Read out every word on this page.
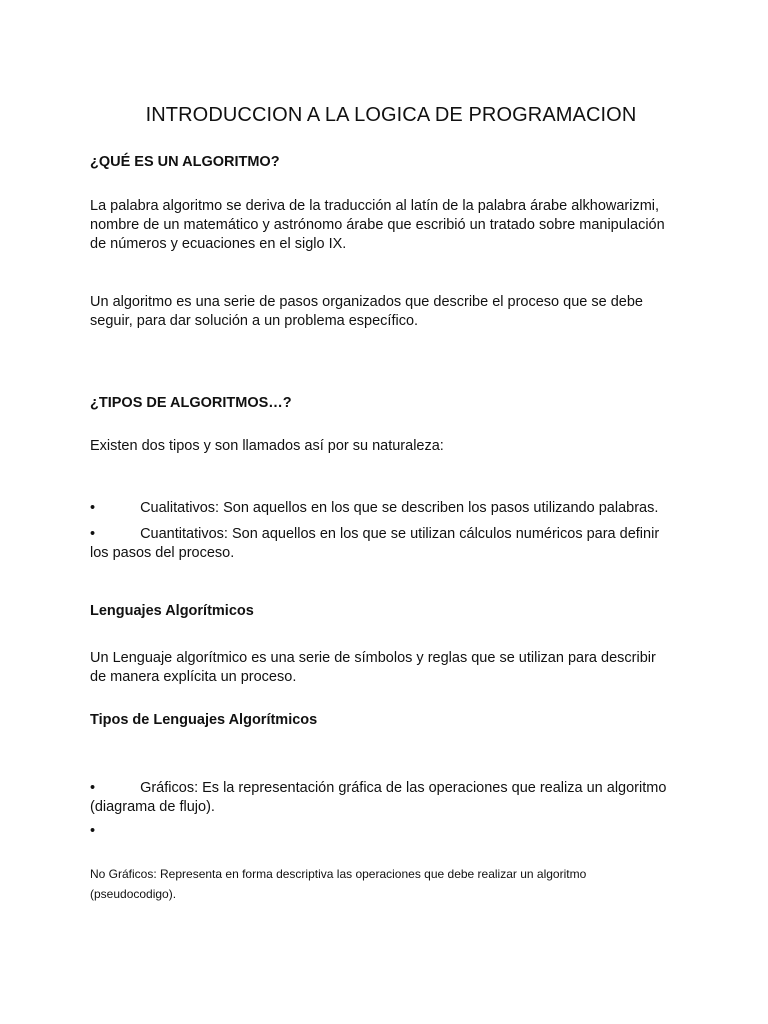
INTRODUCCION A LA LOGICA DE PROGRAMACION
¿QUÉ ES UN ALGORITMO?
La palabra algoritmo se deriva de la traducción al latín de la palabra árabe alkhowarizmi,
nombre de un matemático y astrónomo árabe que escribió un tratado sobre manipulación
de números y ecuaciones en el siglo IX.
Un algoritmo es una serie de pasos organizados que describe el proceso que se debe
seguir, para dar solución a un problema específico.
¿TIPOS DE ALGORITMOS…?
Existen dos tipos y son llamados así por su naturaleza:
•	Cualitativos: Son aquellos en los que se describen los pasos utilizando palabras.
•	Cuantitativos: Son aquellos en los que se utilizan cálculos numéricos para definir
los pasos del proceso.
Lenguajes Algorítmicos
Un Lenguaje algorítmico es una serie de símbolos y reglas que se utilizan para describir
de manera explícita un proceso.
Tipos de Lenguajes Algorítmicos
•	Gráficos: Es la representación gráfica de las operaciones que realiza un algoritmo
(diagrama de flujo).
•
No Gráficos: Representa en forma descriptiva las operaciones que debe realizar un algoritmo
(pseudocodigo).
